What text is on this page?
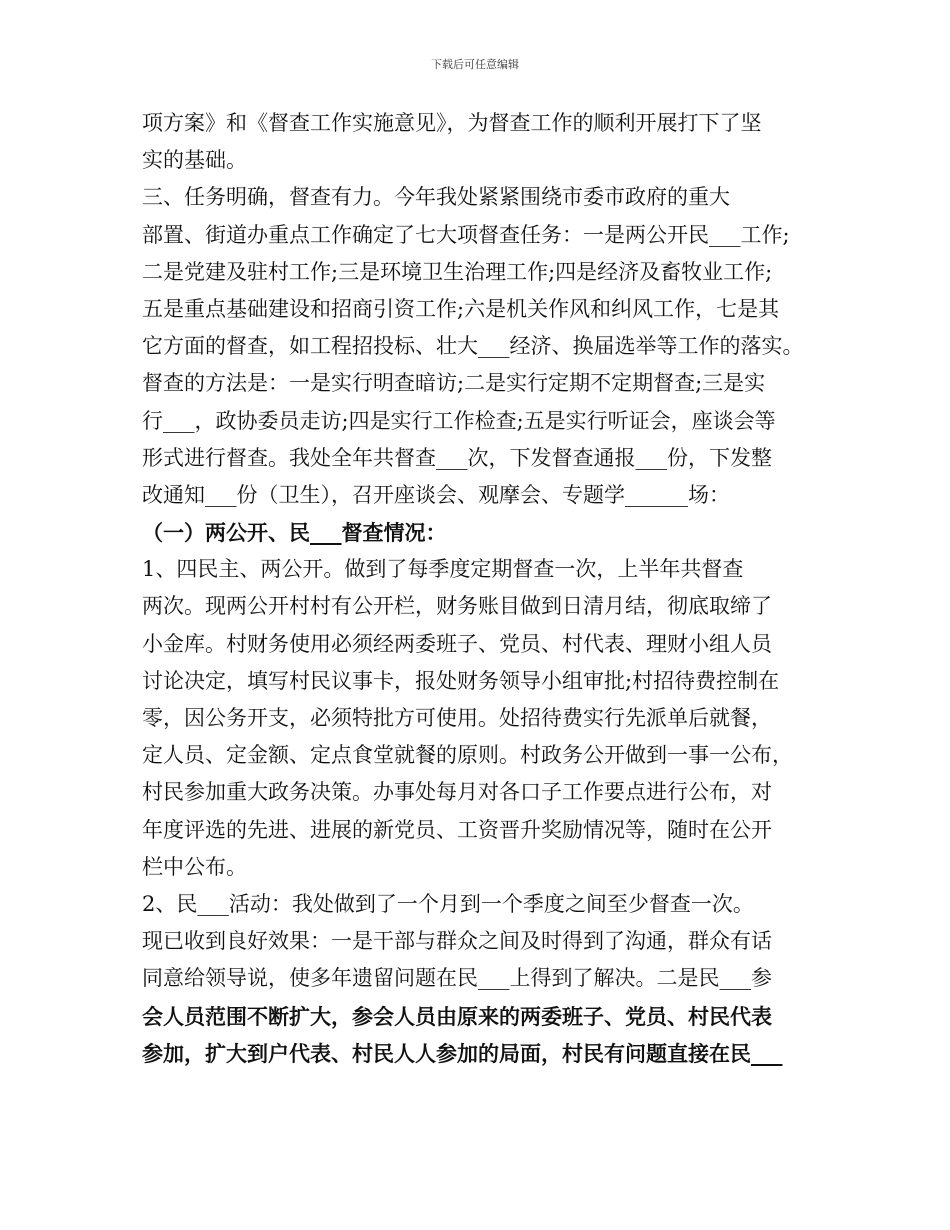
下载后可任意编辑
项方案》和《督查工作实施意见》，为督查工作的顺利开展打下了坚
实的基础。
三、任务明确，督查有力。今年我处紧紧围绕市委市政府的重大
部置、街道办重点工作确定了七大项督查任务：一是两公开民___工作;
二是党建及驻村工作;三是环境卫生治理工作;四是经济及畜牧业工作;
五是重点基础建设和招商引资工作;六是机关作风和纠风工作，七是其
它方面的督查，如工程招投标、壮大___经济、换届选举等工作的落实。
督查的方法是：一是实行明查暗访;二是实行定期不定期督查;三是实
行___，政协委员走访;四是实行工作检查;五是实行听证会，座谈会等
形式进行督查。我处全年共督查___次，下发督查通报___份，下发整
改通知___份（卫生），召开座谈会、观摩会、专题学______场：
（一）两公开、民___督查情况：
1、四民主、两公开。做到了每季度定期督查一次，上半年共督查
两次。现两公开村村有公开栏，财务账目做到日清月结，彻底取缔了
小金库。村财务使用必须经两委班子、党员、村代表、理财小组人员
讨论决定，填写村民议事卡，报处财务领导小组审批;村招待费控制在
零，因公务开支，必须特批方可使用。处招待费实行先派单后就餐，
定人员、定金额、定点食堂就餐的原则。村政务公开做到一事一公布，
村民参加重大政务决策。办事处每月对各口子工作要点进行公布，对
年度评选的先进、进展的新党员、工资晋升奖励情况等，随时在公开
栏中公布。
2、民___活动：我处做到了一个月到一个季度之间至少督查一次。
现已收到良好效果：一是干部与群众之间及时得到了沟通，群众有话
同意给领导说，使多年遗留问题在民___上得到了解决。二是民___参
会人员范围不断扩大，参会人员由原来的两委班子、党员、村民代表
参加，扩大到户代表、村民人人参加的局面，村民有问题直接在民___
